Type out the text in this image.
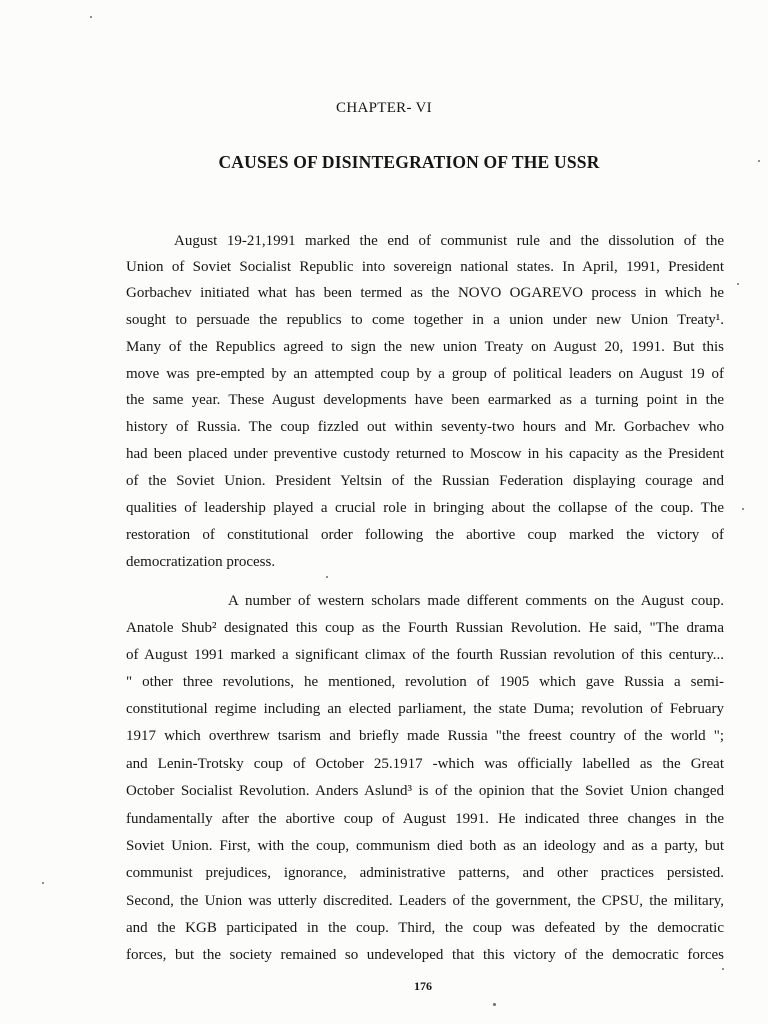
CHAPTER- VI
CAUSES OF DISINTEGRATION OF THE USSR
August 19-21,1991 marked the end of communist rule and the dissolution of the
Union of Soviet Socialist Republic into sovereign national states. In April, 1991, President
Gorbachev initiated what has been termed as the NOVO OGAREVO process in which he
sought to persuade the republics to come together in a union under new Union Treaty¹.
Many of the Republics agreed to sign the new union Treaty on August 20, 1991. But this
move was pre-empted by an attempted coup by a group of political leaders on August 19 of
the same year. These August developments have been earmarked as a turning point in the
history of Russia. The coup fizzled out within seventy-two hours and Mr. Gorbachev who
had been placed under preventive custody returned to Moscow in his capacity as the President
of the Soviet Union. President Yeltsin of the Russian Federation displaying courage and
qualities of leadership played a crucial role in bringing about the collapse of the coup. The
restoration of constitutional order following the abortive coup marked the victory of
democratization process.
A number of western scholars made different comments on the August coup.
Anatole Shub² designated this coup as the Fourth Russian Revolution. He said, "The drama
of August 1991 marked a significant climax of the fourth Russian revolution of this century...
" other three revolutions, he mentioned, revolution of 1905 which gave Russia a semi-
constitutional regime including an elected parliament, the state Duma; revolution of February
1917 which overthrew tsarism and briefly made Russia "the freest country of the world ";
and Lenin-Trotsky coup of October 25.1917 -which was officially labelled as the Great
October Socialist Revolution. Anders Aslund³ is of the opinion that the Soviet Union changed
fundamentally after the abortive coup of August 1991. He indicated three changes in the
Soviet Union. First, with the coup, communism died both as an ideology and as a party, but
communist prejudices, ignorance, administrative patterns, and other practices persisted.
Second, the Union was utterly discredited. Leaders of the government, the CPSU, the military,
and the KGB participated in the coup. Third, the coup was defeated by the democratic
forces, but the society remained so undeveloped that this victory of the democratic forces
176
